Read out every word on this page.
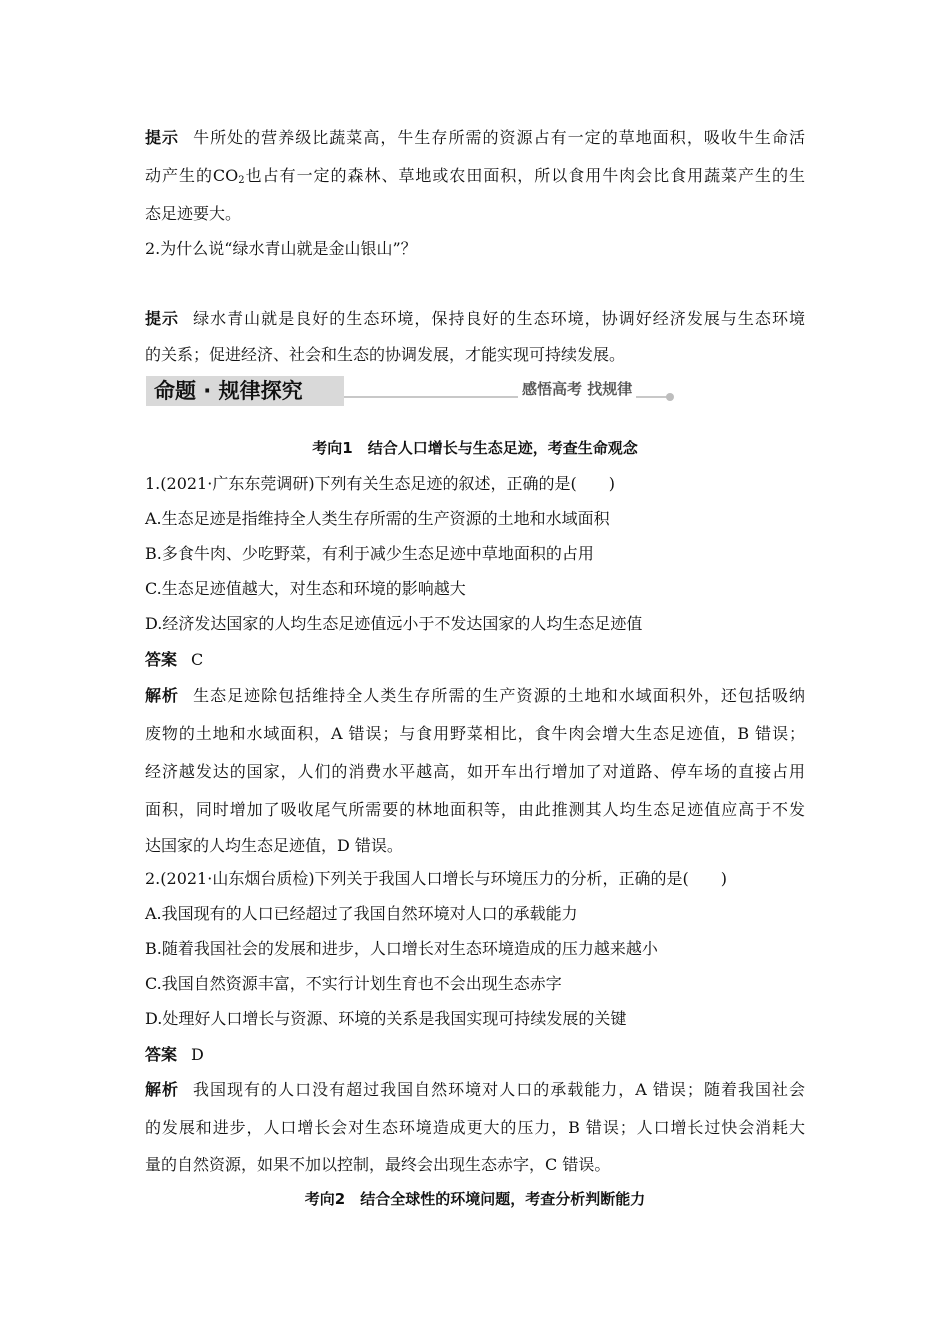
提示 牛所处的营养级比蔬菜高，牛生存所需的资源占有一定的草地面积，吸收牛生命活
动产生的$CO_2$也占有一定的森林、草地或农田面积，所以食用牛肉会比食用蔬菜产生的生
态足迹要大。
2.为什么说“绿水青山就是金山银山”？
提示 绿水青山就是良好的生态环境，保持良好的生态环境，协调好经济发展与生态环境
的关系；促进经济、社会和生态的协调发展，才能实现可持续发展。
命题 · 规律探究	感悟高考 找规律
考向1　结合人口增长与生态足迹，考查生命观念
1.(2021·广东东莞调研)下列有关生态足迹的叙述，正确的是(　　)
A.生态足迹是指维持全人类生存所需的生产资源的土地和水域面积
B.多食牛肉、少吃野菜，有利于减少生态足迹中草地面积的占用
C.生态足迹值越大，对生态和环境的影响越大
D.经济发达国家的人均生态足迹值远小于不发达国家的人均生态足迹值
答案 C
解析 生态足迹除包括维持全人类生存所需的生产资源的土地和水域面积外，还包括吸纳
废物的土地和水域面积，A 错误；与食用野菜相比，食牛肉会增大生态足迹值，B 错误；
经济越发达的国家，人们的消费水平越高，如开车出行增加了对道路、停车场的直接占用
面积，同时增加了吸收尾气所需要的林地面积等，由此推测其人均生态足迹值应高于不发
达国家的人均生态足迹值，D 错误。
2.(2021·山东烟台质检)下列关于我国人口增长与环境压力的分析，正确的是(　　)
A.我国现有的人口已经超过了我国自然环境对人口的承载能力
B.随着我国社会的发展和进步，人口增长对生态环境造成的压力越来越小
C.我国自然资源丰富，不实行计划生育也不会出现生态赤字
D.处理好人口增长与资源、环境的关系是我国实现可持续发展的关键
答案 D
解析 我国现有的人口没有超过我国自然环境对人口的承载能力，A 错误；随着我国社会
的发展和进步，人口增长会对生态环境造成更大的压力，B 错误；人口增长过快会消耗大
量的自然资源，如果不加以控制，最终会出现生态赤字，C 错误。
考向2　结合全球性的环境问题，考查分析判断能力
